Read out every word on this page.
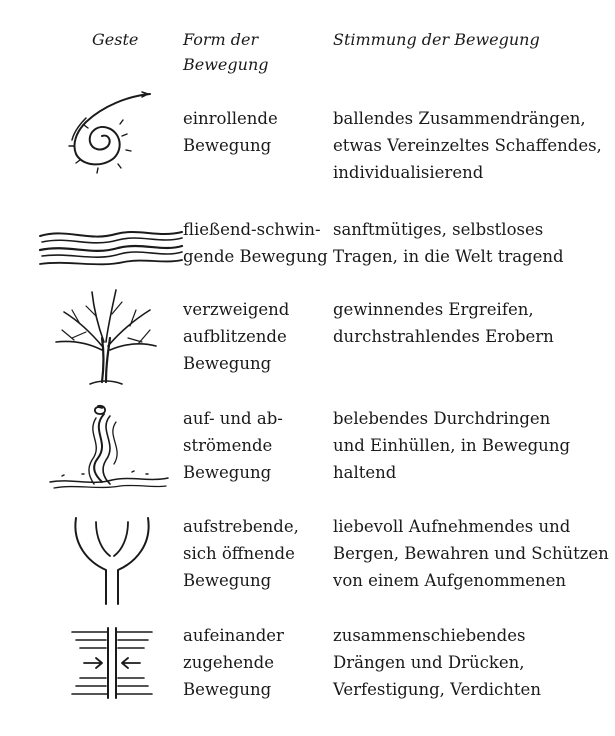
Geste	Form der
Bewegung
Stimmung der Bewegung
einrollende
Bewegung
ballendes Zusammendrängen,
etwas Vereinzeltes Schaffendes,
individualisierend
fließend-schwin-
gende Bewegung
sanftmütiges, selbstloses
Tragen, in die Welt tragend
verzweigend
aufblitzende
Bewegung
gewinnendes Ergreifen,
durchstrahlendes Erobern
auf- und ab-
strömende
Bewegung
belebendes Durchdringen
und Einhüllen, in Bewegung
haltend
aufstrebende,
sich öffnende
Bewegung
liebevoll Aufnehmendes und
Bergen, Bewahren und Schützen
von einem Aufgenommenen
aufeinander
zugehende
Bewegung
zusammenschiebendes
Drängen und Drücken,
Verfestigung, Verdichten
